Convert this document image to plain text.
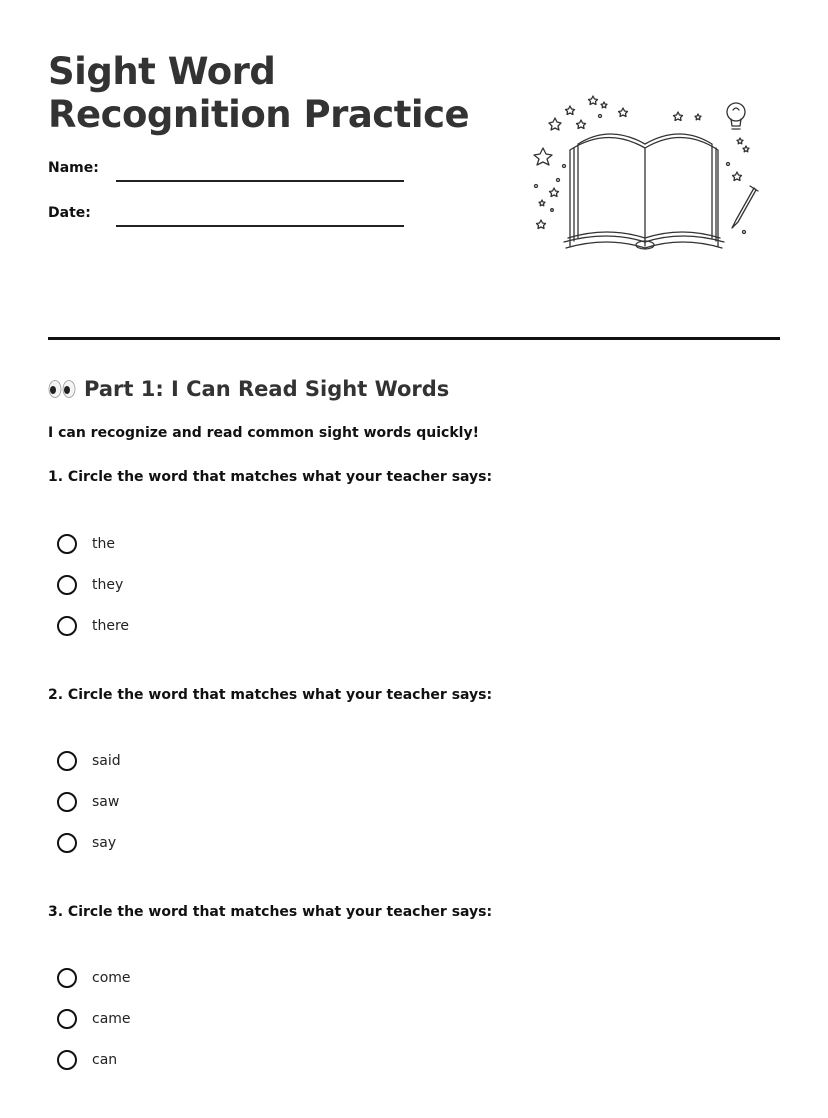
Sight Word Recognition Practice
Name:
Date:
Part 1: I Can Read Sight Words
I can recognize and read common sight words quickly!
1. Circle the word that matches what your teacher says:
the
they
there
2. Circle the word that matches what your teacher says:
said
saw
say
3. Circle the word that matches what your teacher says:
come
came
can
